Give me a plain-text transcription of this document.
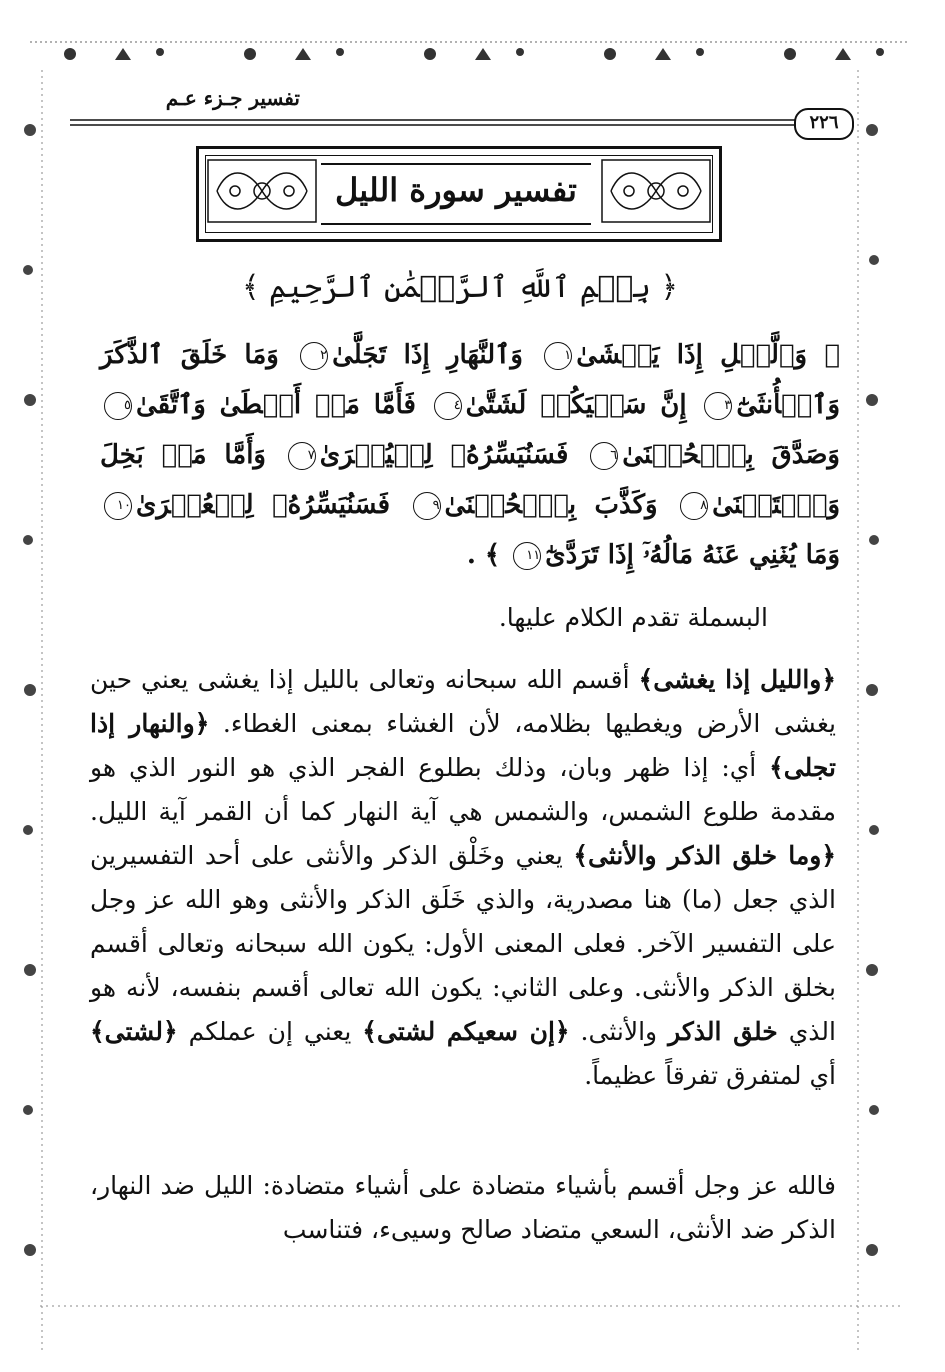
تفسير جـزء عـم
٢٢٦
تفسير سورة الليل
﴿ بِسۡمِ ٱللَّهِ ٱلرَّحۡمَٰنِ ٱلرَّحِيمِ ﴾
﴿ وَٱلَّيۡلِ إِذَا يَغۡشَىٰ١ وَٱلنَّهَارِ إِذَا تَجَلَّىٰ٢ وَمَا خَلَقَ ٱلذَّكَرَ وَٱلۡأُنثَىٰٓ٣ إِنَّ سَعۡيَكُمۡ لَشَتَّىٰ٤ فَأَمَّا مَنۡ أَعۡطَىٰ وَٱتَّقَىٰ٥ وَصَدَّقَ بِٱلۡحُسۡنَىٰ٦ فَسَنُيَسِّرُهُۥ لِلۡيُسۡرَىٰ٧ وَأَمَّا مَنۢ بَخِلَ وَٱسۡتَغۡنَىٰ٨ وَكَذَّبَ بِٱلۡحُسۡنَىٰ٩ فَسَنُيَسِّرُهُۥ لِلۡعُسۡرَىٰ١٠ وَمَا يُغۡنِي عَنۡهُ مَالُهُۥٓ إِذَا تَرَدَّىٰٓ١١ ﴾ .
البسملة تقدم الكلام عليها.
﴿والليل إذا يغشى﴾ أقسم الله سبحانه وتعالى بالليل إذا يغشى يعني حين يغشى الأرض ويغطيها بظلامه، لأن الغشاء بمعنى الغطاء. ﴿والنهار إذا تجلى﴾ أي: إذا ظهر وبان، وذلك بطلوع الفجر الذي هو النور الذي هو مقدمة طلوع الشمس، والشمس هي آية النهار كما أن القمر آية الليل. ﴿وما خلق الذكر والأنثى﴾ يعني وخَلْق الذكر والأنثى على أحد التفسيرين الذي جعل (ما) هنا مصدرية، والذي خَلَق الذكر والأنثى وهو الله عز وجل على التفسير الآخر. فعلى المعنى الأول: يكون الله سبحانه وتعالى أقسم بخلق الذكر والأنثى. وعلى الثاني: يكون الله تعالى أقسم بنفسه، لأنه هو الذي خلق الذكر والأنثى. ﴿إن سعيكم لشتى﴾ يعني إن عملكم ﴿لشتى﴾ أي لمتفرق تفرقاً عظيماً.
فالله عز وجل أقسم بأشياء متضادة على أشياء متضادة: الليل ضد النهار، الذكر ضد الأنثى، السعي متضاد صالح وسيىء، فتناسب
